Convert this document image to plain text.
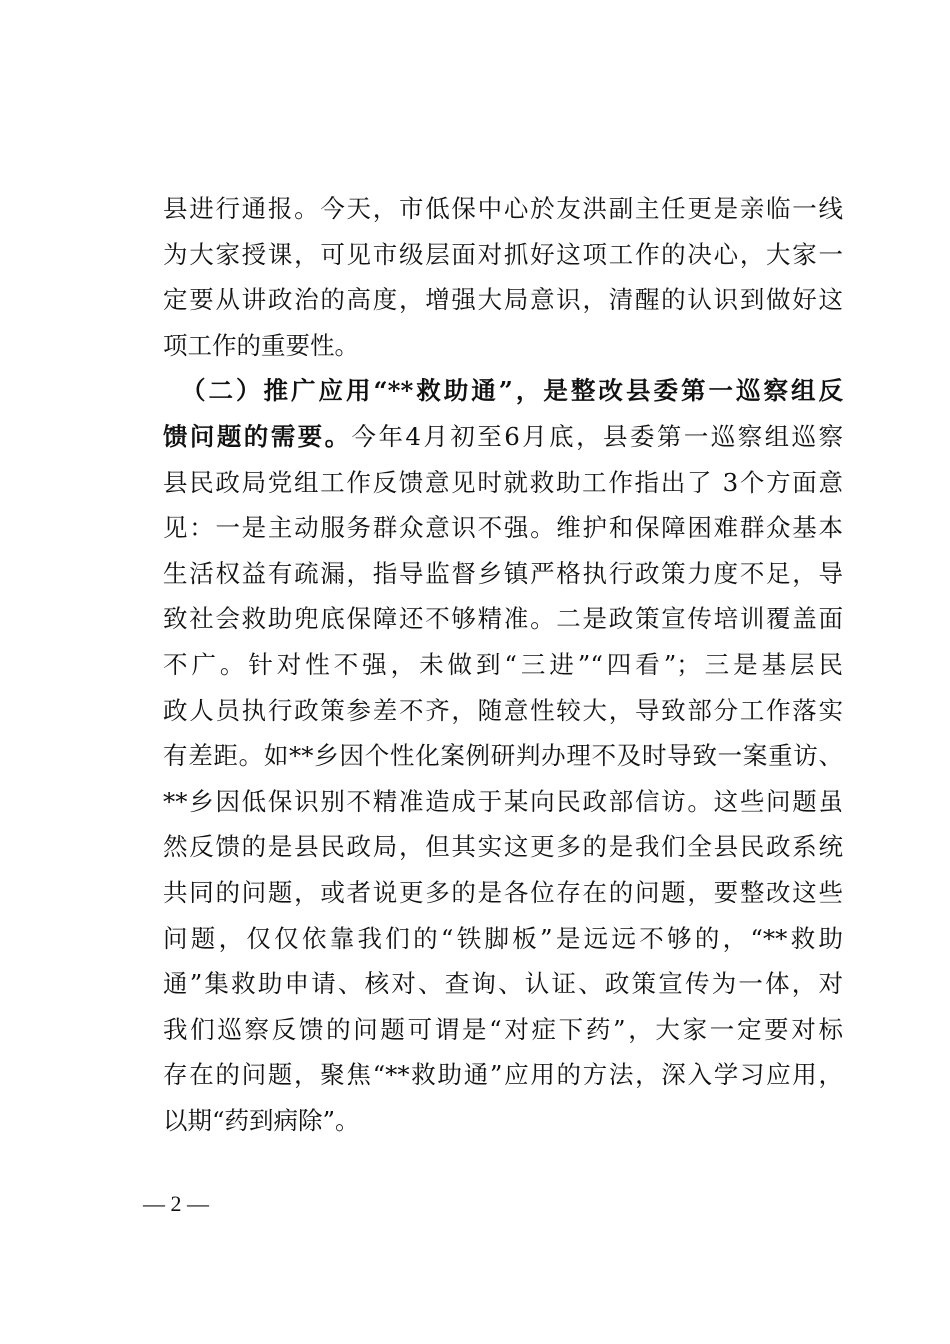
县进行通报。今天，市低保中心於友洪副主任更是亲临一线
为大家授课，可见市级层面对抓好这项工作的决心，大家一
定要从讲政治的高度，增强大局意识，清醒的认识到做好这
项工作的重要性。
（二）推广应用“**救助通”，是整改县委第一巡察组反
馈问题的需要。今年4月初至6月底，县委第一巡察组巡察
县民政局党组工作反馈意见时就救助工作指出了 3个方面意
见：一是主动服务群众意识不强。维护和保障困难群众基本
生活权益有疏漏，指导监督乡镇严格执行政策力度不足，导
致社会救助兜底保障还不够精准。二是政策宣传培训覆盖面
不广。针对性不强，未做到“三进”“四看”；三是基层民
政人员执行政策参差不齐，随意性较大，导致部分工作落实
有差距。如**乡因个性化案例研判办理不及时导致一案重访、
**乡因低保识别不精准造成于某向民政部信访。这些问题虽
然反馈的是县民政局，但其实这更多的是我们全县民政系统
共同的问题，或者说更多的是各位存在的问题，要整改这些
问题，仅仅依靠我们的“铁脚板”是远远不够的，“**救助
通”集救助申请、核对、查询、认证、政策宣传为一体，对
我们巡察反馈的问题可谓是“对症下药”，大家一定要对标
存在的问题，聚焦“**救助通”应用的方法，深入学习应用，
以期“药到病除”。
— 2 —
